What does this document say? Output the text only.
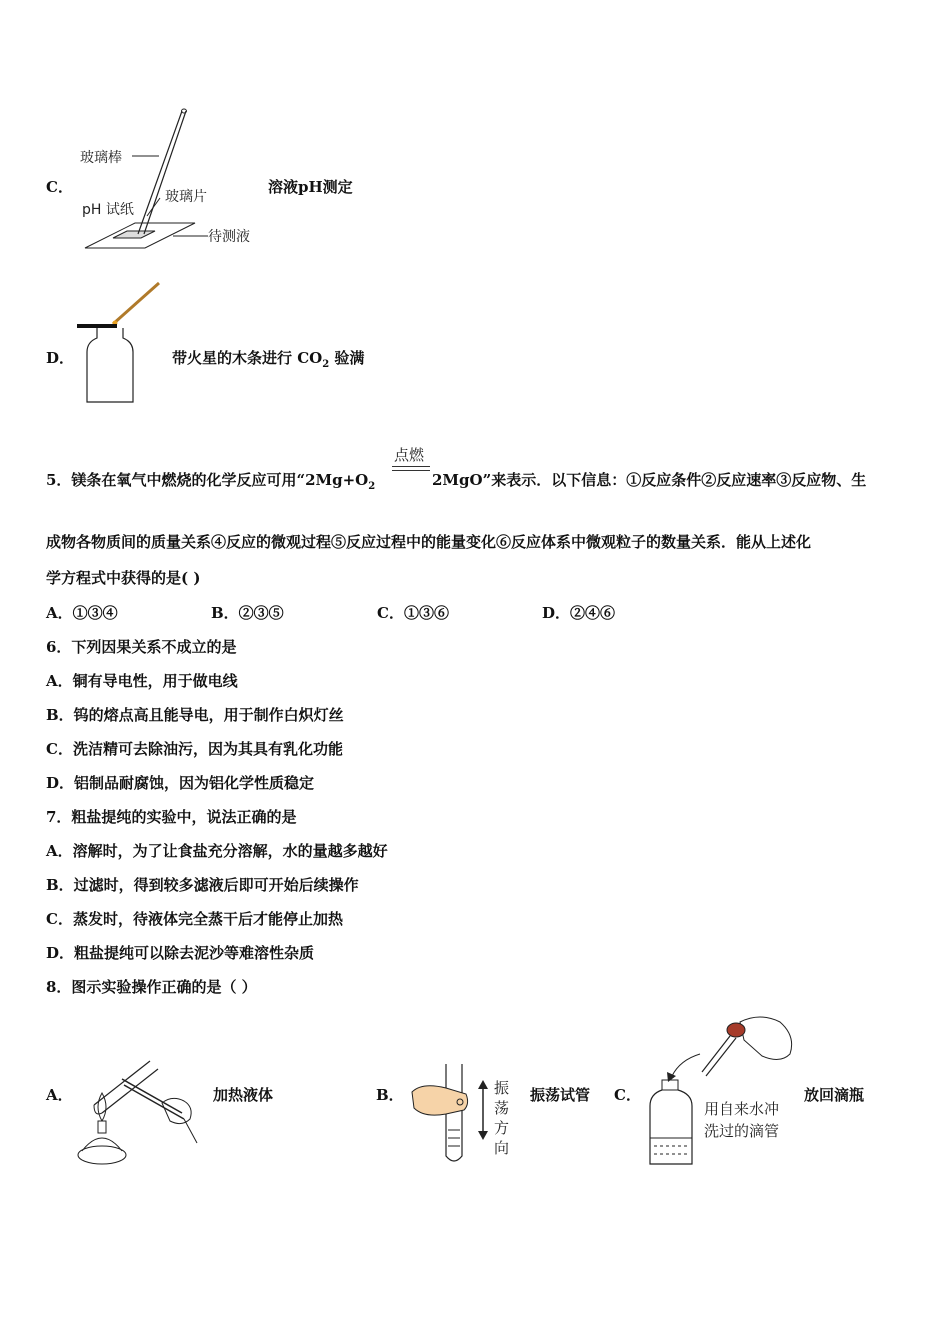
C．
玻璃棒
玻璃片
pH 试纸
待测液
溶液pH测定
D．	带火星的木条进行 $CO_2$ 验满
5．镁条在氧气中燃烧的化学反应可用“$2Mg+O_2$
点燃
2MgO”来表示．以下信息：①反应条件②反应速率③反应物、生
成物各物质间的质量关系④反应的微观过程⑤反应过程中的能量变化⑥反应体系中微观粒子的数量关系．能从上述化
学方程式中获得的是( )
A．①③④	B．②③⑤	C．①③⑥	D．②④⑥
6．下列因果关系不成立的是
A．铜有导电性，用于做电线
B．钨的熔点高且能导电，用于制作白炽灯丝
C．洗洁精可去除油污，因为其具有乳化功能
D．铝制品耐腐蚀，因为铝化学性质稳定
7．粗盐提纯的实验中，说法正确的是
A．溶解时，为了让食盐充分溶解，水的量越多越好
B．过滤时，得到较多滤液后即可开始后续操作
C．蒸发时，待液体完全蒸干后才能停止加热
D．粗盐提纯可以除去泥沙等难溶性杂质
8．图示实验操作正确的是（ ）
A．	加热液体	B．	振
荡
方
向
振荡试管 C．
用自来水冲
洗过的滴管
放回滴瓶
